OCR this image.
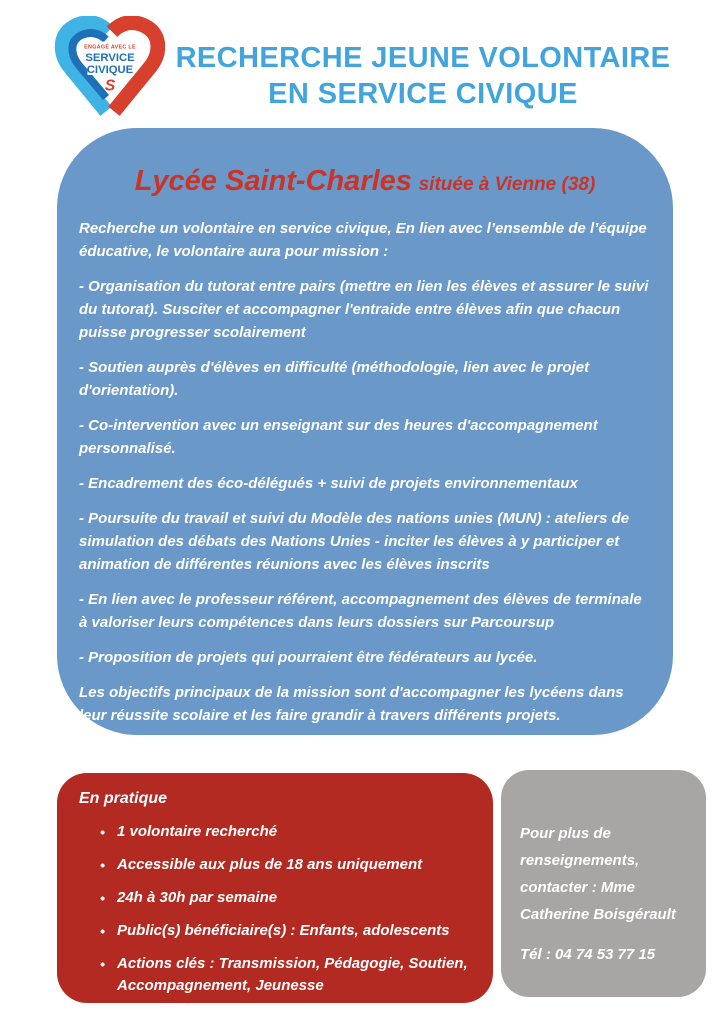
ENGAGÉ AVEC LE
SERVICE
CIVIQUE
S
RECHERCHE JEUNE VOLONTAIRE
EN SERVICE CIVIQUE
Lycée Saint-Charles située à Vienne (38)

Recherche un volontaire en service civique, En lien avec l’ensemble de l’équipe éducative, le volontaire aura pour mission :

- Organisation du tutorat entre pairs (mettre en lien les élèves et assurer le suivi du tutorat). Susciter et accompagner l'entraide entre élèves afin que chacun puisse progresser scolairement

- Soutien auprès d'élèves en difficulté (méthodologie, lien avec le projet d'orientation).

- Co-intervention avec un enseignant sur des heures d'accompagnement personnalisé.

- Encadrement des éco-délégués + suivi de projets environnementaux

- Poursuite du travail et suivi du Modèle des nations unies (MUN) : ateliers de simulation des débats des Nations Unies - inciter les élèves à y participer et animation de différentes réunions avec les élèves inscrits

- En lien avec le professeur référent, accompagnement des élèves de terminale à valoriser leurs compétences dans leurs dossiers sur Parcoursup

- Proposition de projets qui pourraient être fédérateurs au lycée.

Les objectifs principaux de la mission sont d'accompagner les lycéens dans leur réussite scolaire et les faire grandir à travers différents projets.

En pratique
• 1 volontaire recherché
• Accessible aux plus de 18 ans uniquement
• 24h à 30h par semaine
• Public(s) bénéficiaire(s) : Enfants, adolescents
• Actions clés : Transmission, Pédagogie, Soutien, Accompagnement, Jeunesse

Pour plus de renseignements, contacter : Mme Catherine Boisgérault

Tél : 04 74 53 77 15
